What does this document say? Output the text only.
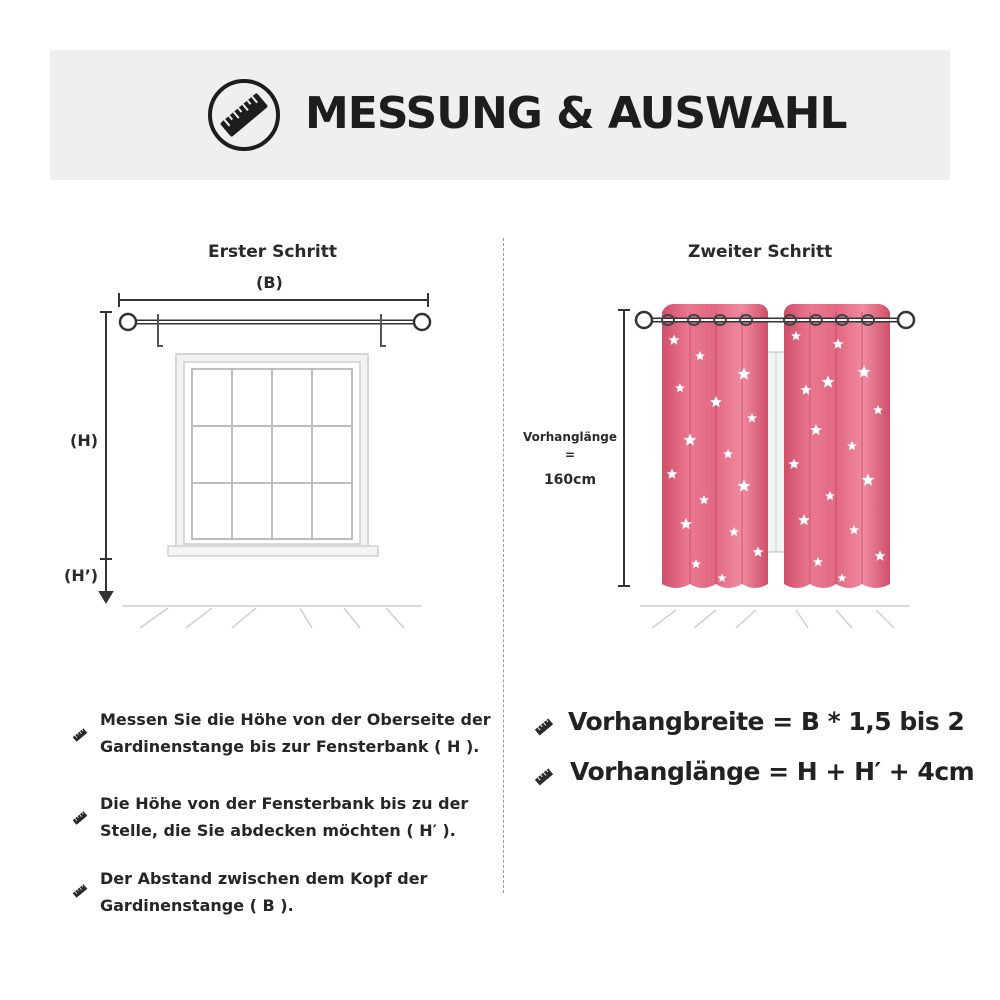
MESSUNG & AUSWAHL
Erster Schritt
(B)
(H)
(H’)
Zweiter Schritt
Vorhanglänge
=
160cm
Messen Sie die Höhe von der Oberseite der Gardinenstange bis zur Fensterbank ( H ).
Die Höhe von der Fensterbank bis zu der Stelle, die Sie abdecken möchten ( H′ ).
Der Abstand zwischen dem Kopf der Gardinenstange ( B ).
Vorhangbreite = B * 1,5 bis 2
Vorhanglänge = H + H′ + 4cm
